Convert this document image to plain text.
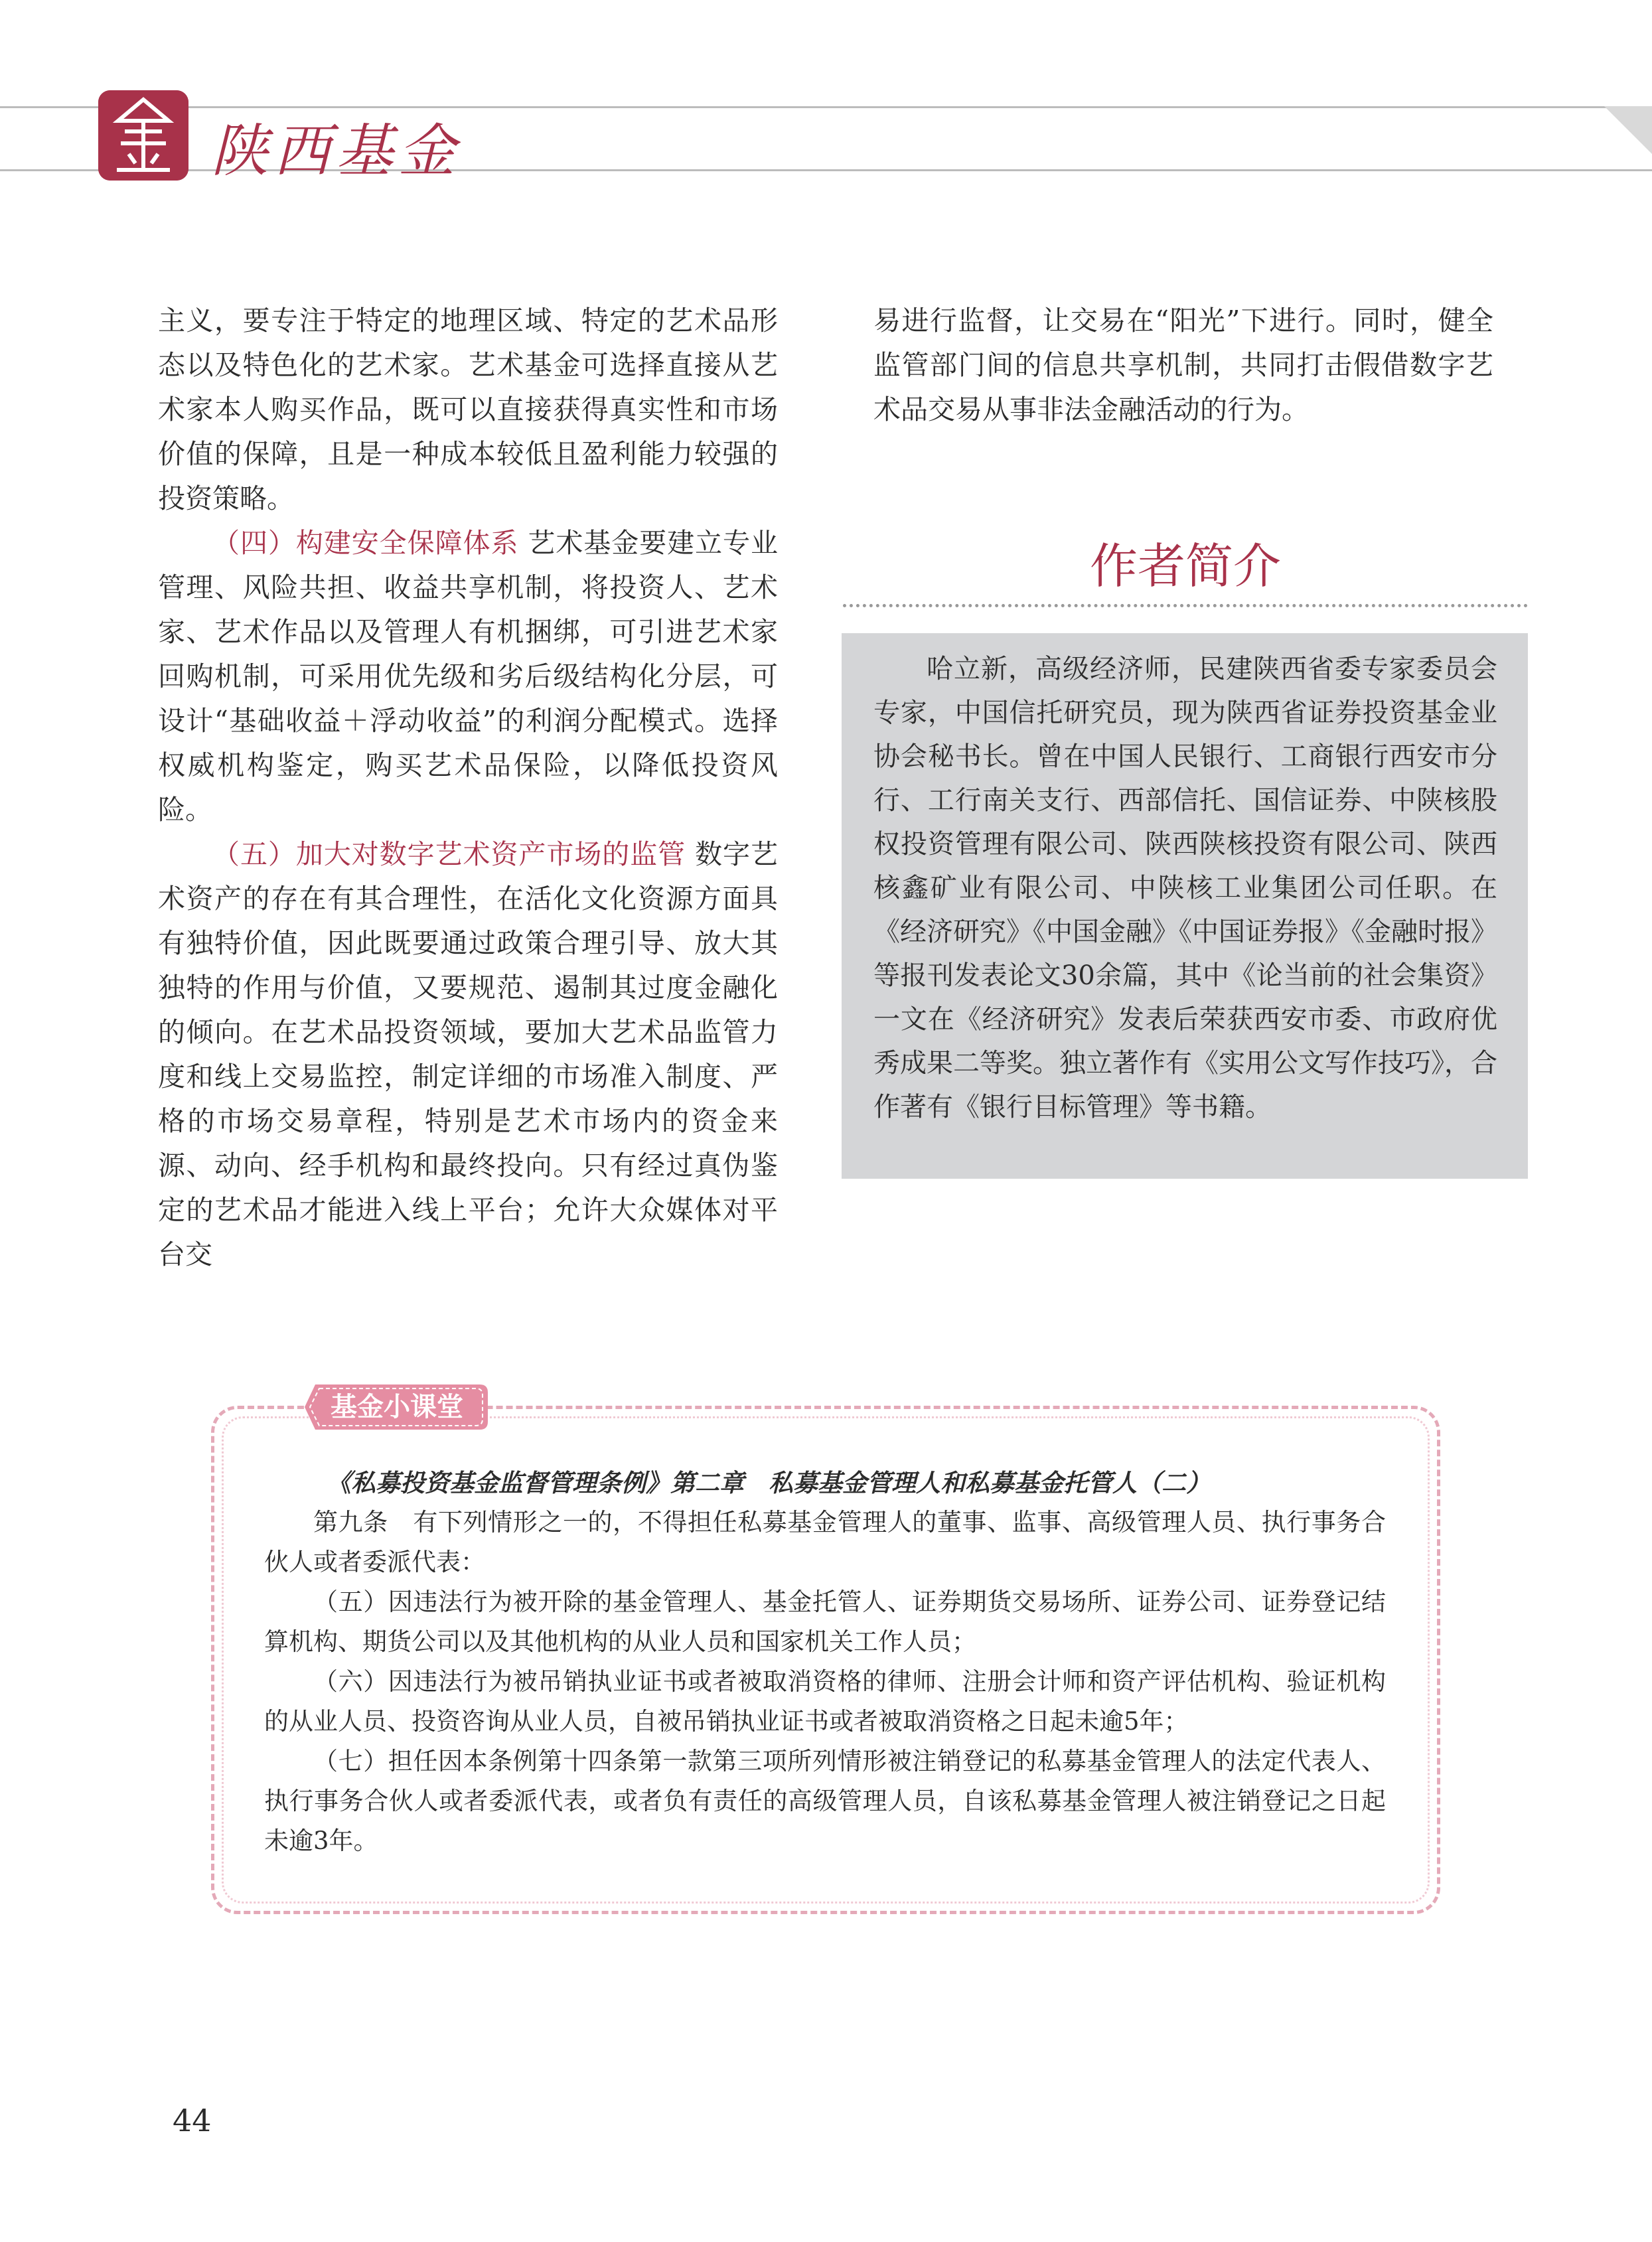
陕西基金

主义，要专注于特定的地理区域、特定的艺术品形态以及特色化的艺术家。艺术基金可选择直接从艺术家本人购买作品，既可以直接获得真实性和市场价值的保障，且是一种成本较低且盈利能力较强的投资策略。

（四）构建安全保障体系 艺术基金要建立专业管理、风险共担、收益共享机制，将投资人、艺术家、艺术作品以及管理人有机捆绑，可引进艺术家回购机制，可采用优先级和劣后级结构化分层，可设计“基础收益＋浮动收益”的利润分配模式。选择权威机构鉴定，购买艺术品保险，以降低投资风险。

（五）加大对数字艺术资产市场的监管 数字艺术资产的存在有其合理性，在活化文化资源方面具有独特价值，因此既要通过政策合理引导、放大其独特的作用与价值，又要规范、遏制其过度金融化的倾向。在艺术品投资领域，要加大艺术品监管力度和线上交易监控，制定详细的市场准入制度、严格的市场交易章程，特别是艺术市场内的资金来源、动向、经手机构和最终投向。只有经过真伪鉴定的艺术品才能进入线上平台；允许大众媒体对平台交

易进行监督，让交易在“阳光”下进行。同时，健全监管部门间的信息共享机制，共同打击假借数字艺术品交易从事非法金融活动的行为。

作者简介
哈立新，高级经济师，民建陕西省委专家委员会专家，中国信托研究员，现为陕西省证券投资基金业协会秘书长。曾在中国人民银行、工商银行西安市分行、工行南关支行、西部信托、国信证券、中陕核股权投资管理有限公司、陕西陕核投资有限公司、陕西核鑫矿业有限公司、中陕核工业集团公司任职。在《经济研究》《中国金融》《中国证券报》《金融时报》等报刊发表论文30余篇，其中《论当前的社会集资》一文在《经济研究》发表后荣获西安市委、市政府优秀成果二等奖。独立著作有《实用公文写作技巧》，合作著有《银行目标管理》等书籍。
基金小课堂

《私募投资基金监督管理条例》第二章　私募基金管理人和私募基金托管人（二）

第九条　有下列情形之一的，不得担任私募基金管理人的董事、监事、高级管理人员、执行事务合伙人或者委派代表：

（五）因违法行为被开除的基金管理人、基金托管人、证券期货交易场所、证券公司、证券登记结算机构、期货公司以及其他机构的从业人员和国家机关工作人员；

（六）因违法行为被吊销执业证书或者被取消资格的律师、注册会计师和资产评估机构、验证机构的从业人员、投资咨询从业人员，自被吊销执业证书或者被取消资格之日起未逾5年；

（七）担任因本条例第十四条第一款第三项所列情形被注销登记的私募基金管理人的法定代表人、执行事务合伙人或者委派代表，或者负有责任的高级管理人员，自该私募基金管理人被注销登记之日起未逾3年。

44
